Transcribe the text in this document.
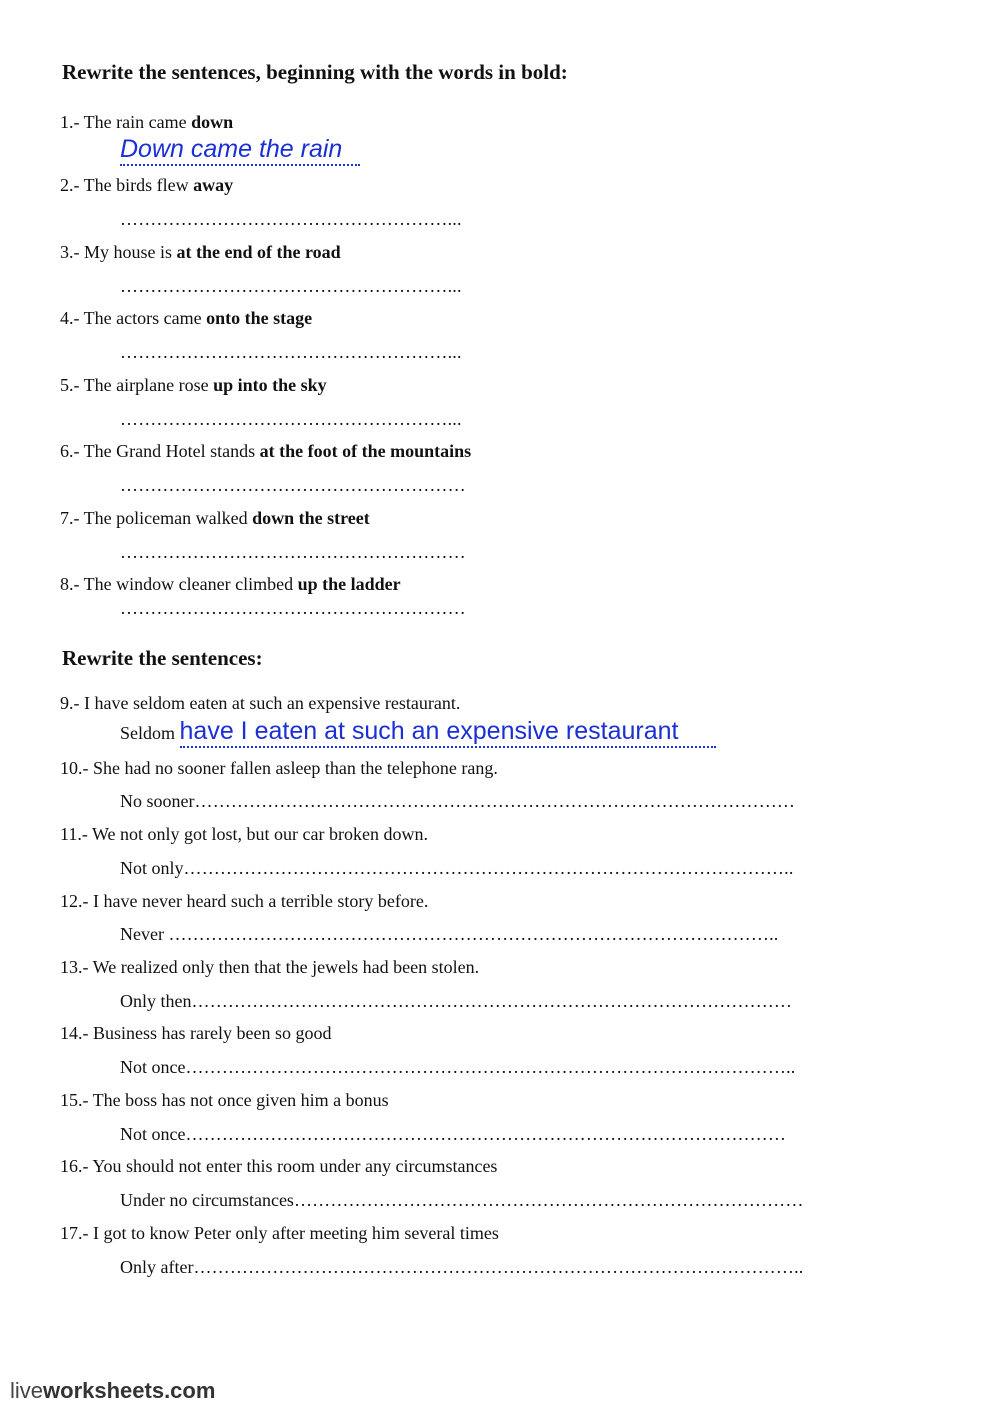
Rewrite the sentences, beginning with the words in bold:
1.- The rain came down
Down came the rain
2.- The birds flew away
………………………………………………...
3.- My house is at the end of the road
………………………………………………...
4.- The actors came onto the stage
………………………………………………...
5.- The airplane rose up into the sky
………………………………………………...
6.- The Grand Hotel stands at the foot of the mountains
…………………………………………………
7.- The policeman walked down the street
…………………………………………………
8.- The window cleaner climbed up the ladder
…………………………………………………
Rewrite the sentences:
9.- I have seldom eaten at such an expensive restaurant.
Seldom
have I eaten at such an expensive restaurant
10.- She had no sooner fallen asleep than the telephone rang.
No sooner ………………………………………………………………………………………
11.- We not only got lost, but our car broken down.
Not only ………………………………………………………………………………………..
12.- I have never heard such a terrible story before.
Never ………………………………………………………………………………………..
13.- We realized only then that the jewels had been stolen.
Only then ………………………………………………………………………………………
14.- Business has rarely been so good
Not once ………………………………………………………………………………………..
15.- The boss has not once given him a bonus
Not once ………………………………………………………………………………………
16.- You should not enter this room under any circumstances
Under no circumstances …………………………………………………………………………
17.- I got to know Peter only after meeting him several times
Only after ………………………………………………………………………………………..
liveworksheets.com
